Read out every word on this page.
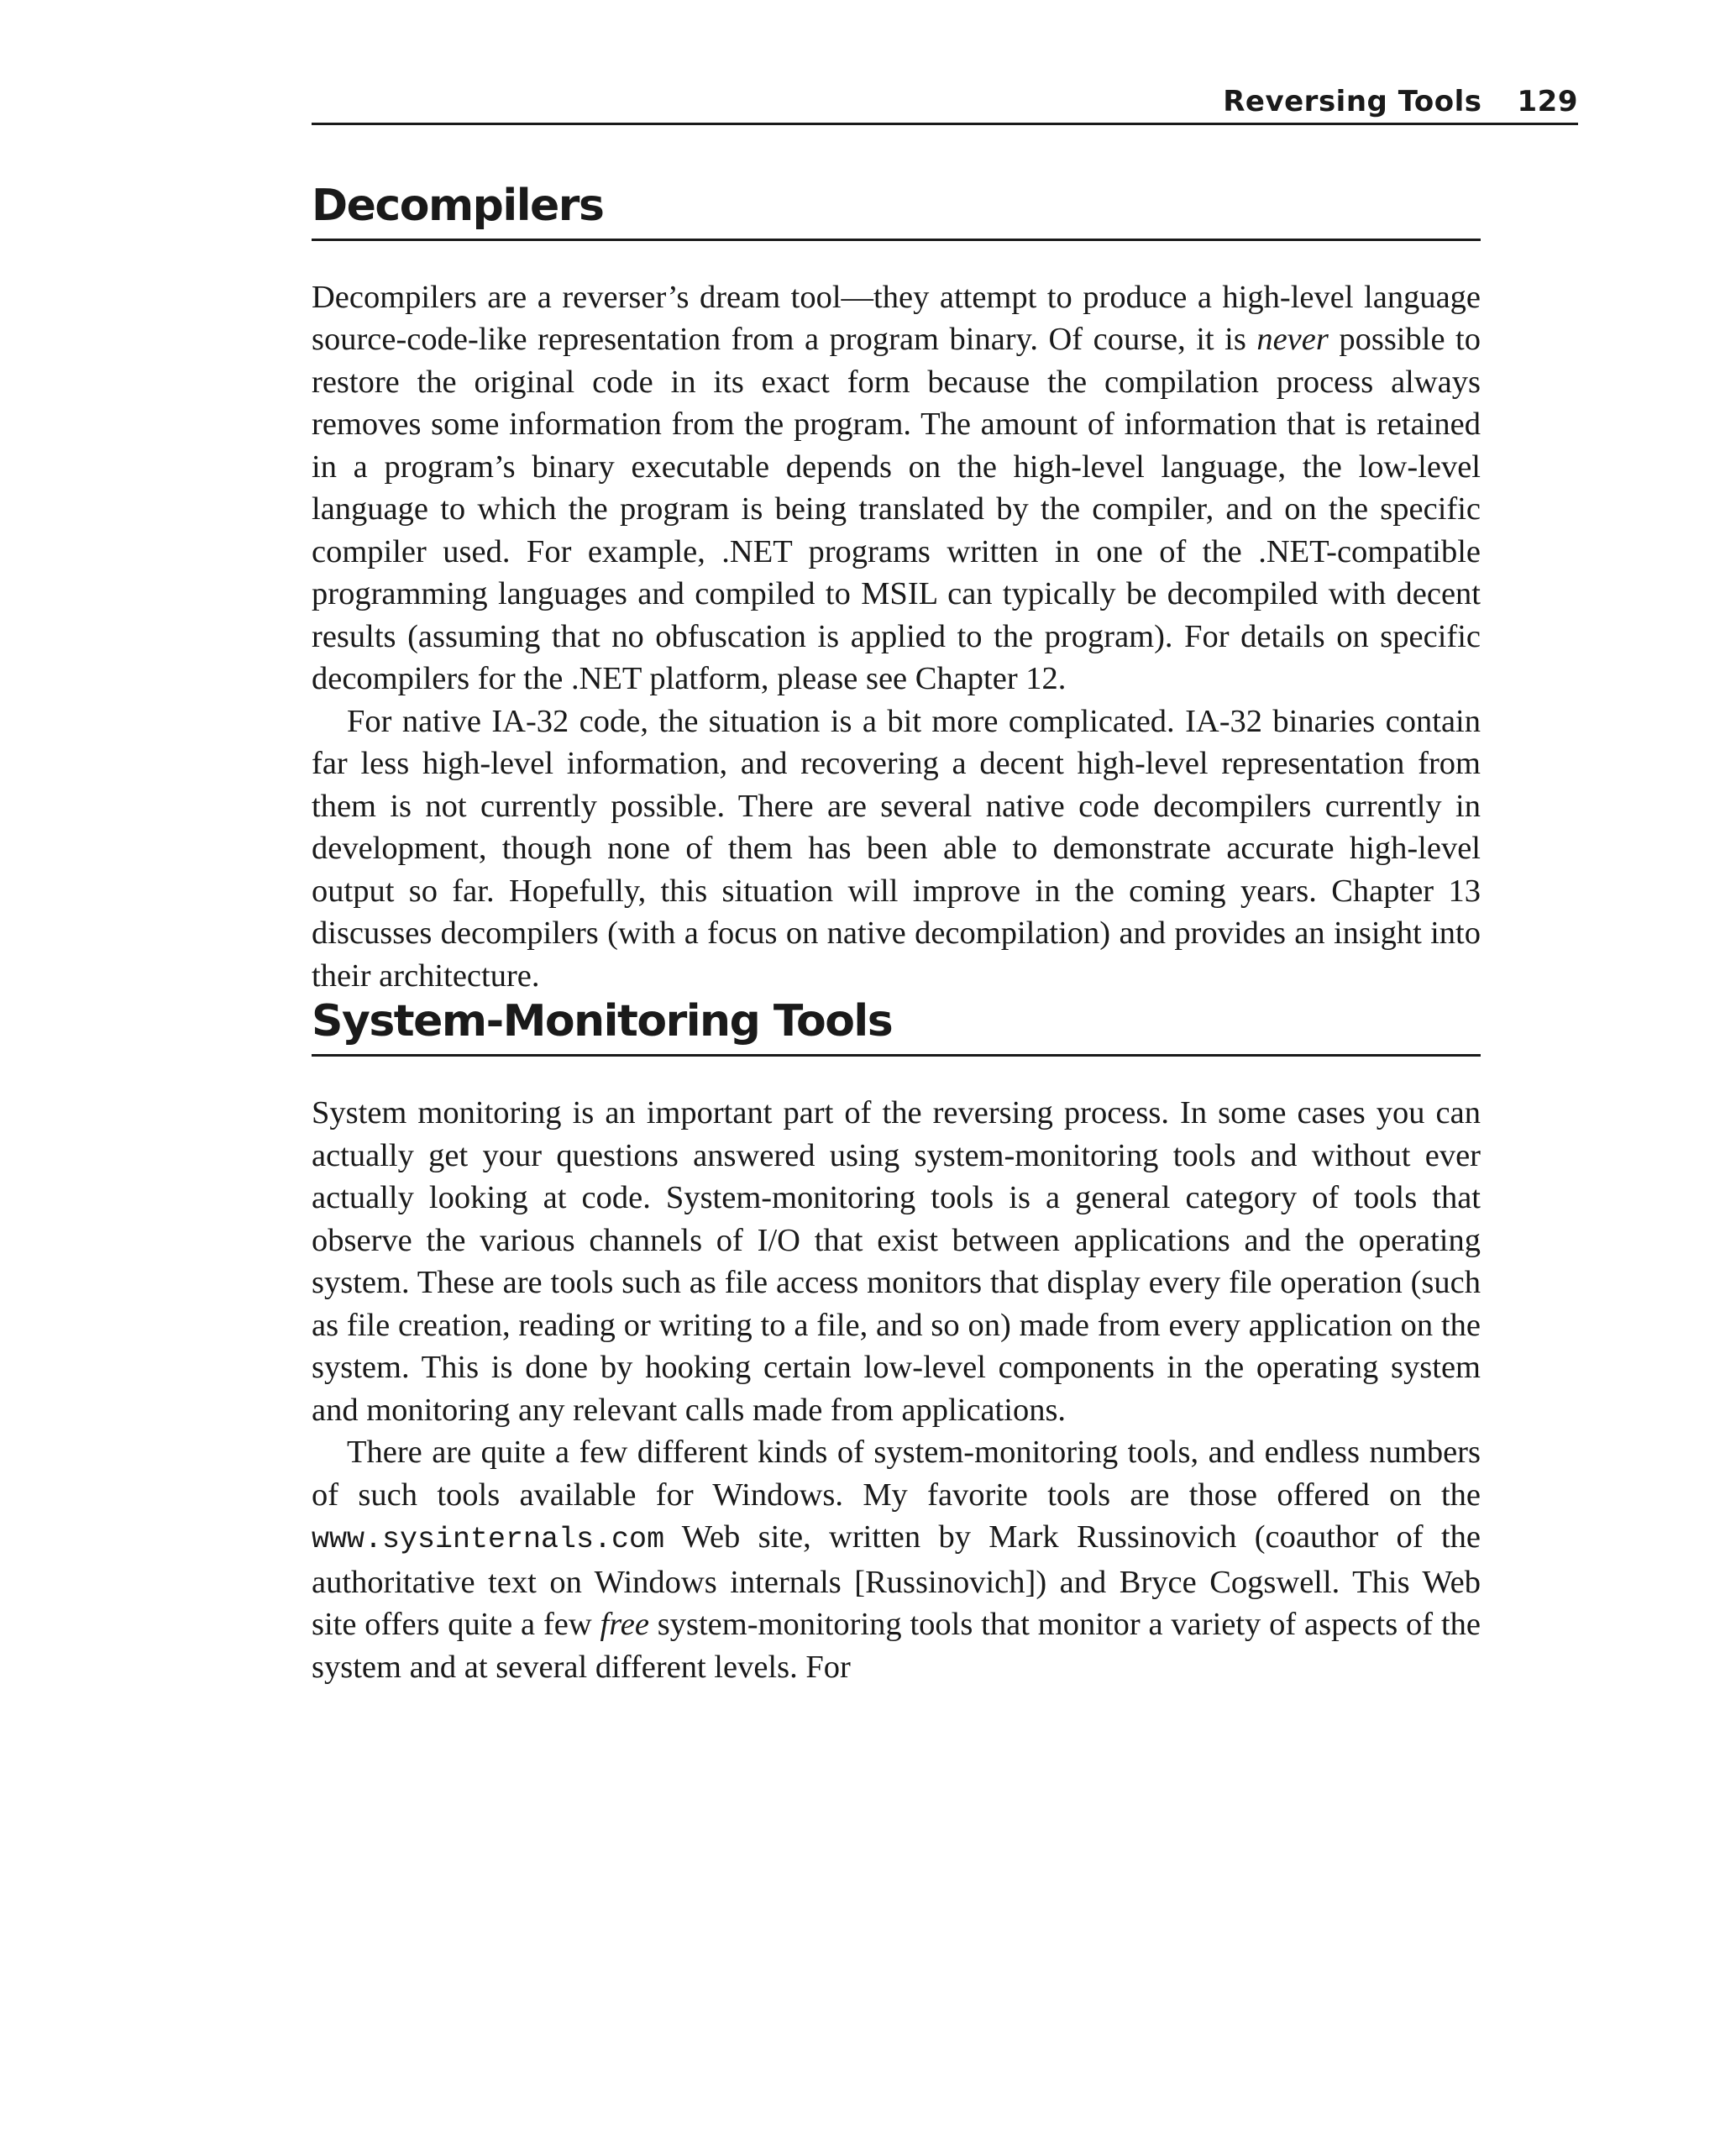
Reversing Tools 129
Decompilers

Decompilers are a reverser’s dream tool—they attempt to produce a high-level language source-code-like representation from a program binary. Of course, it is never possible to restore the original code in its exact form because the compilation process always removes some information from the program. The amount of information that is retained in a program’s binary executable depends on the high-level language, the low-level language to which the program is being translated by the compiler, and on the specific compiler used. For example, .NET programs written in one of the .NET-compatible programming languages and compiled to MSIL can typically be decompiled with decent results (assuming that no obfuscation is applied to the program). For details on specific decompilers for the .NET platform, please see Chapter 12.

For native IA-32 code, the situation is a bit more complicated. IA-32 binaries contain far less high-level information, and recovering a decent high-level representation from them is not currently possible. There are several native code decompilers currently in development, though none of them has been able to demonstrate accurate high-level output so far. Hopefully, this situation will improve in the coming years. Chapter 13 discusses decompilers (with a focus on native decompilation) and provides an insight into their architecture.

System-Monitoring Tools

System monitoring is an important part of the reversing process. In some cases you can actually get your questions answered using system-monitoring tools and without ever actually looking at code. System-monitoring tools is a general category of tools that observe the various channels of I/O that exist between applications and the operating system. These are tools such as file access monitors that display every file operation (such as file creation, reading or writing to a file, and so on) made from every application on the system. This is done by hooking certain low-level components in the operating system and monitoring any relevant calls made from applications.

There are quite a few different kinds of system-monitoring tools, and endless numbers of such tools available for Windows. My favorite tools are those offered on the www.sysinternals.com Web site, written by Mark Russinovich (coauthor of the authoritative text on Windows internals [Russinovich]) and Bryce Cogswell. This Web site offers quite a few free system-monitoring tools that monitor a variety of aspects of the system and at several different levels. For
